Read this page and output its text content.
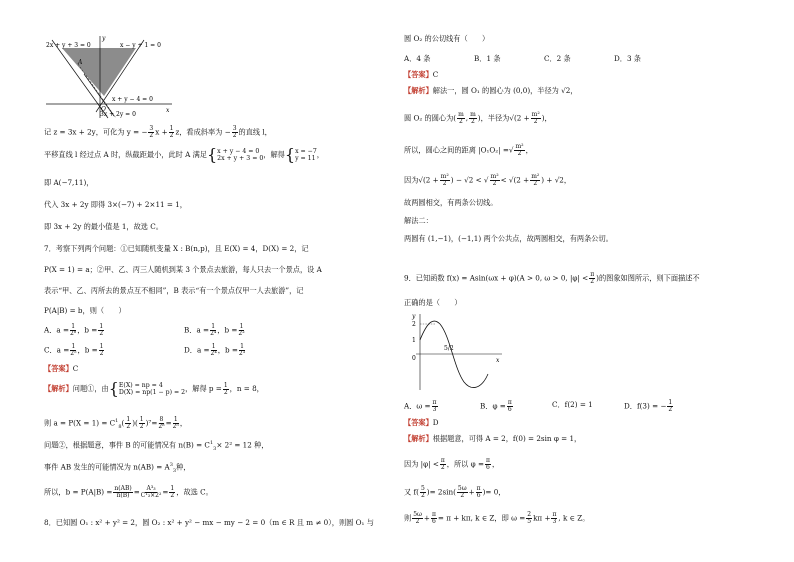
2x + y + 3 = 0	x − y + 1 = 0
x + y − 4 = 0
3x + 2y = 0
A
y
x
O
记 z = 3x + 2y，可化为 y = − $\frac{3}{2}$ $x + \frac{1}{2}$ z，看成斜率为 − $\frac{3}{2}$ 的直线 l，
平移直线 l 经过点 A 时，纵截距最小，此时 A 满足{ x + y − 4 = 0
2x + y + 3 = 0 ，解得{ x = −7
y = 11 ，
即 A(−7,11)，
代入 3x + 2y 即得 3×(−7) + 2×11 = 1，
即 3x + 2y 的最小值是 1，故选 C。
7．考察下列两个问题：①已知随机变量 X : B(n,p)，且 E(X) = 4，D(X) = 2，记
P(X = 1) = a；②甲、乙、丙三人随机到某 3 个景点去旅游，每人只去一个景点，设 A
表示“甲、乙、丙所去的景点互不相同”，B 表示“有一个景点仅甲一人去旅游”，记
P(A|B) = b，则（　　）
A．$a = \frac{1}{\text{2⁸}}$ ，$b = \frac{1}{2}$	B．$a = \frac{1}{\text{2⁴}}$ ，$b = \frac{1}{\text{2²}}$
C．$a = \frac{1}{\text{2⁵}}$ ，$b = \frac{1}{2}$	D．$a = \frac{1}{\text{2⁴}}$ ，$b = \frac{1}{\text{2³}}$
【答案】C
【解析】问题①，由{ E(X) = np = 4
D(X) = np(1 − p) = 2 ，解得 $p = \frac{1}{2}$ ，n = 8，
则 $a = P(X = 1) = C^1_8( \frac{1}{2}$ )( $\frac{1}{2} )^7= \frac{8}{\text{2⁸}} = \frac{1}{\text{2⁵}}$ ，
问题②，根据题意，事件 B 的可能情况有 $n(B) = C^1_3\times 2^2 = 12$ 种，
事件 AB 发生的可能情况为 $n(AB) = A^3_3$种，
所以，$b = P(A|B) = \frac{n(AB)}{n(B)} = \frac{\text{A³₃}}{\text{C¹₃×2²}} = \frac{1}{2}$ ，故选 C。
8．已知圆 O₁ : x² + y² = 2，圆 O₂ : x² + y² − mx − my − 2 = 0（m ∈ R 且 m ≠ 0），则圆 O₁ 与
圆 O₂ 的公切线有（　　）
A．4 条	B．1 条	C．2 条	D．3 条
【答案】C
【解析】解法一，圆 O₁ 的圆心为 (0,0)，半径为 √2，
圆 O₂ 的圆心为( $\frac{m}{2}$ , $\frac{m}{2}$ )，半径为$√(2 + \frac{\text{m²}}{2}$ )，
所以，圆心之间的距离 |O₁O₂| =√ $\frac{\text{m²}}{2}$ ，
因为$√(2 + \frac{\text{m²}}{2}$ ) − √2 < √ $\frac{\text{m²}}{2} < √(2 + \frac{\text{m²}}{2}$ ) + √2，
故两圆相交，有两条公切线。
解法二：
两圆有 (1,−1)，(−1,1) 两个公共点，故两圆相交，有两条公切。
9．已知函数 f(x) = Asin(ωx + φ)(A > 0, ω > 0, $|\varphi| < \frac{\pi}{2}$ )的图象如图所示，则下面描述不
正确的是（　　）
y
x
2
1
0
5/2
A．$\omega = \frac{\pi}{3}$	B．$\varphi = \frac{\pi}{6}$	C．f(2) = 1	D．f(3) = − $\frac{1}{2}$
【答案】D
【解析】根据题意，可得 A = 2，f(0) = 2sin φ = 1，
因为 $|\varphi| < \frac{\pi}{2}$ ，所以 $\varphi = \frac{\pi}{6}$ ，
又 $f( \frac{5}{2}$ )= $2\sin( \frac{5\omega}{2} + \frac{\pi}{6}$ )= 0，
则 $\frac{5\omega}{2} + \frac{\pi}{6} = \pi + k\pi$, k ∈ Z，即 $\omega = \frac{2}{5}$ $k\pi + \frac{\pi}{3}$ , k ∈ Z。
